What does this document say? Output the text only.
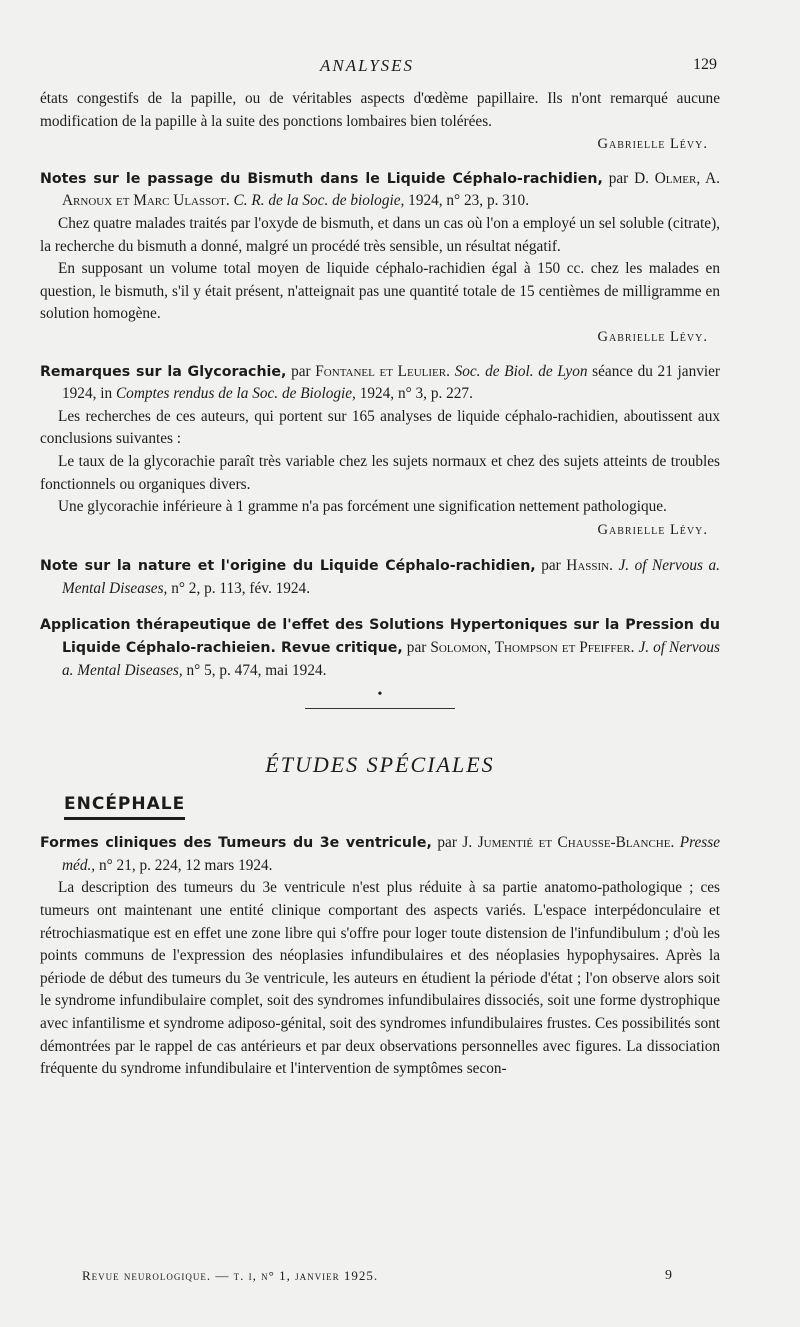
ANALYSES	129

états congestifs de la papille, ou de véritables aspects d'œdème papillaire. Ils n'ont remarqué aucune modification de la papille à la suite des ponctions lombaires bien tolérées.

Gabrielle Lévy.

Notes sur le passage du Bismuth dans le Liquide Céphalo-rachidien, par D. Olmer, A. Arnoux et Marc Ulassot. C. R. de la Soc. de biologie, 1924, n° 23, p. 310.

Chez quatre malades traités par l'oxyde de bismuth, et dans un cas où l'on a employé un sel soluble (citrate), la recherche du bismuth a donné, malgré un procédé très sensible, un résultat négatif.

En supposant un volume total moyen de liquide céphalo-rachidien égal à 150 cc. chez les malades en question, le bismuth, s'il y était présent, n'atteignait pas une quantité totale de 15 centièmes de milligramme en solution homogène.

Gabrielle Lévy.

Remarques sur la Glycorachie, par Fontanel et Leulier. Soc. de Biol. de Lyon séance du 21 janvier 1924, in Comptes rendus de la Soc. de Biologie, 1924, n° 3, p. 227.

Les recherches de ces auteurs, qui portent sur 165 analyses de liquide céphalo-rachidien, aboutissent aux conclusions suivantes :

Le taux de la glycorachie paraît très variable chez les sujets normaux et chez des sujets atteints de troubles fonctionnels ou organiques divers.

Une glycorachie inférieure à 1 gramme n'a pas forcément une signification nettement pathologique.

Gabrielle Lévy.

Note sur la nature et l'origine du Liquide Céphalo-rachidien, par Hassin. J. of Nervous a. Mental Diseases, n° 2, p. 113, fév. 1924.

Application thérapeutique de l'effet des Solutions Hypertoniques sur la Pression du Liquide Céphalo-rachieien. Revue critique, par Solomon, Thompson et Pfeiffer. J. of Nervous a. Mental Diseases, n° 5, p. 474, mai 1924.

•

ÉTUDES SPÉCIALES

ENCÉPHALE

Formes cliniques des Tumeurs du 3e ventricule, par J. Jumentié et Chausse-Blanche. Presse méd., n° 21, p. 224, 12 mars 1924.

La description des tumeurs du 3e ventricule n'est plus réduite à sa partie anatomo-pathologique ; ces tumeurs ont maintenant une entité clinique comportant des aspects variés. L'espace interpédonculaire et rétrochiasmatique est en effet une zone libre qui s'offre pour loger toute distension de l'infundibulum ; d'où les points communs de l'expression des néoplasies infundibulaires et des néoplasies hypophysaires. Après la période de début des tumeurs du 3e ventricule, les auteurs en étudient la période d'état ; l'on observe alors soit le syndrome infundibulaire complet, soit des syndromes infundibulaires dissociés, soit une forme dystrophique avec infantilisme et syndrome adiposo-génital, soit des syndromes infundibulaires frustes. Ces possibilités sont démontrées par le rappel de cas antérieurs et par deux observations personnelles avec figures. La dissociation fréquente du syndrome infundibulaire et l'intervention de symptômes secon-

Revue neurologique. — t. i, n° 1, janvier 1925.	9
